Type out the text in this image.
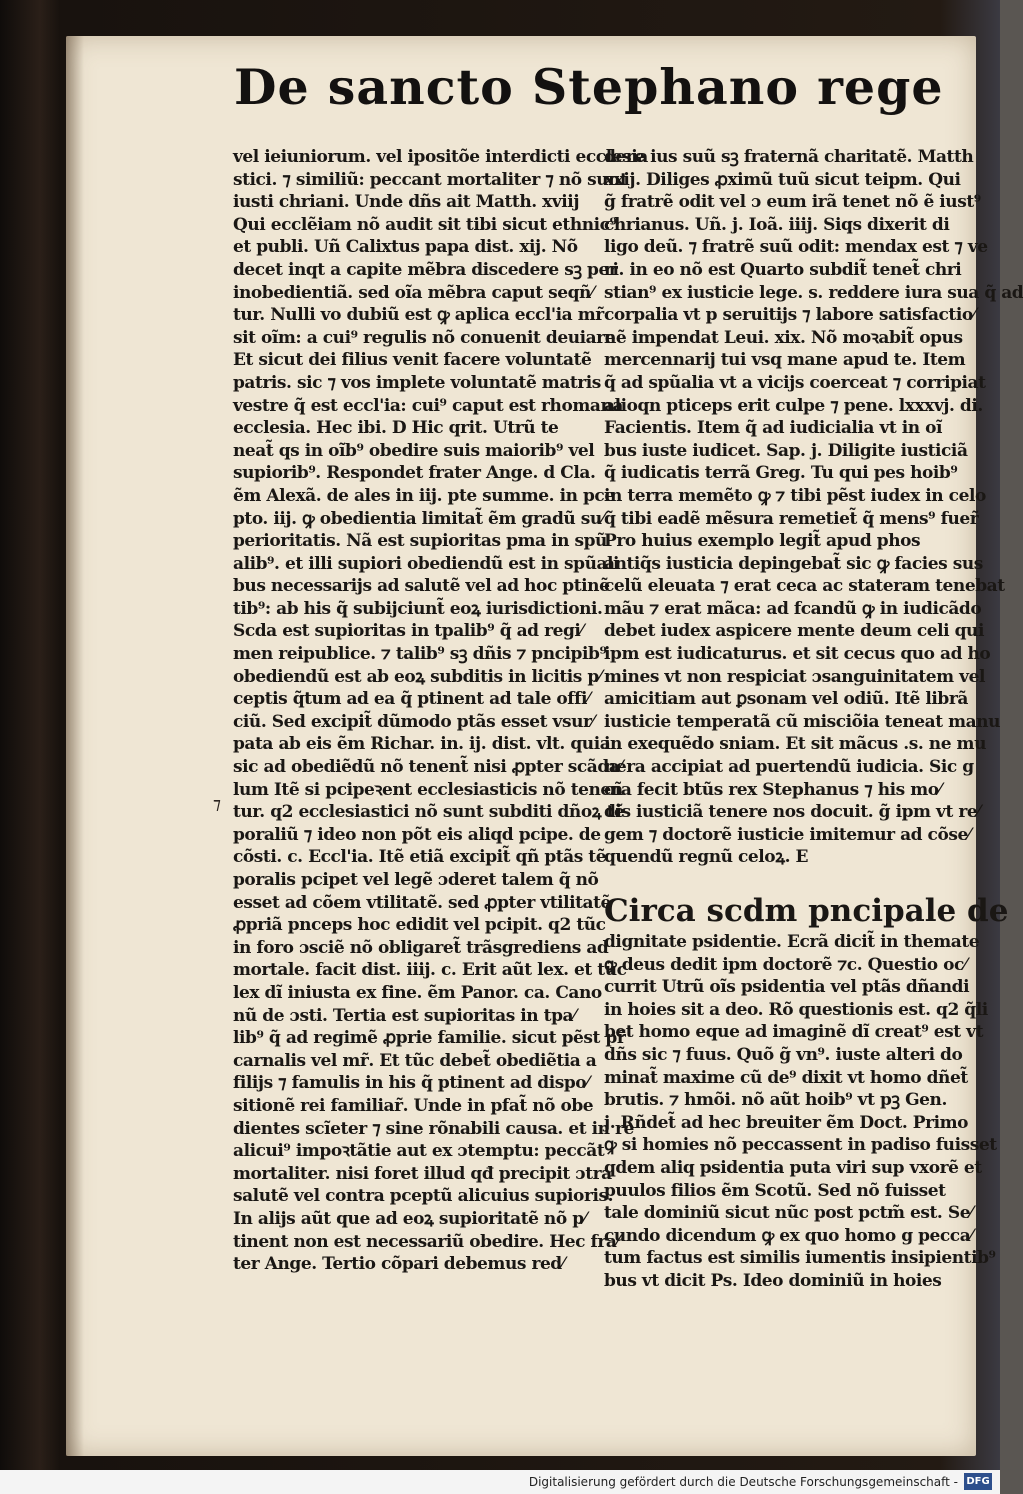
De sancto Stephano rege
⁊
vel ieiuniorum. vel ipositõe interdicti ecclesia
stici. ⁊ similiũ: peccant mortaliter ⁊ nõ sunt
iusti chriani. Unde dñs ait Matth. xviij
Qui ecclẽiam nõ audit sit tibi sicut ethnic⁹
et publi. Uñ Calixtus papa dist. xij. Nõ
decet inqt a capite mẽbra discedere sꝫ per
inobedientiã. sed oĩa mẽbra caput seqñ⁄
tur. Nulli vo dubiũ est ꝙ aplica eccl'ia mr̃
sit oĩm: a cui⁹ regulis nõ conuenit deuiare
Et sicut dei filius venit facere voluntatẽ
patris. sic ⁊ vos implete voluntatẽ matris
vestre q̃ est eccl'ia: cui⁹ caput est rhomana
ecclesia. Hec ibi. D Hic qrit. Utrũ te
neat̃ qs in oĩb⁹ obedire suis maiorib⁹ vel
supiorib⁹. Respondet frater Ange. d Cla.
ẽm Alexã. de ales in iij. pte summe. in pce
pto. iij. ꝙ obedientia limitat̃ ẽm gradũ su⁄
perioritatis. Nã est supioritas pma in spũ
alib⁹. et illi supiori obediendũ est in spũali
bus necessarijs ad salutẽ vel ad hoc ptinẽ
tib⁹: ab his q̃ subijciunt̃ eoꝝ iurisdictioni.
Scda est supioritas in tpalib⁹ q̃ ad regi⁄
men reipublice. ⁊ talib⁹ sꝫ dñis ⁊ pncipib⁹
obediendũ est ab eoꝝ subditis in licitis p⁄
ceptis q̃tum ad ea q̃ ptinent ad tale offi⁄
ciũ. Sed excipit̃ dũmodo ptãs esset vsur⁄
pata ab eis ẽm Richar. in. ij. dist. vlt. quia
sic ad obediẽdũ nõ tenent̃ nisi ꝓpter scãda⁄
lum Itẽ si pcipeꝛent ecclesiasticis nõ tenen
tur. q2 ecclesiastici nõ sunt subditi dñoꝝ tẽ
poraliũ ⁊ ideo non põt eis aliqd pcipe. de
cõsti. c. Eccl'ia. Itẽ etiã excipit̃ qñ ptãs tẽ
poralis pcipet vel legẽ ɔderet talem q̃ nõ
esset ad cõem vtilitatẽ. sed ꝓpter vtilitatẽ
ꝓpriã pnceps hoc edidit vel pcipit. q2 tũc
in foro ɔsciẽ nõ obligaret̃ trãsgrediens ad
mortale. facit dist. iiij. c. Erit aũt lex. et tũc
lex dĩ iniusta ex fine. ẽm Panor. ca. Cano
nũ de ɔsti. Tertia est supioritas in tpa⁄
lib⁹ q̃ ad regimẽ ꝓprie familie. sicut pẽst pr̃
carnalis vel mr̃. Et tũc debet̃ obediẽtia a
filijs ⁊ famulis in his q̃ ptinent ad dispo⁄
sitionẽ rei familiar̃. Unde in pfat̃ nõ obe
dientes scĩeter ⁊ sine rõnabili causa. et in re
alicui⁹ impoꝛtãtie aut ex ɔtemptu: peccãt
mortaliter. nisi foret illud qđ precipit ɔtra
salutẽ vel contra pceptũ alicuius supioris.
In alijs aũt que ad eoꝝ supioritatẽ nõ p⁄
tinent non est necessariũ obedire. Hec fra⁄
ter Ange. Tertio cõpari debemus red⁄
dere ius suũ sꝫ fraternã charitatẽ. Matth
xxij. Diliges ꝓximũ tuũ sicut teipm. Qui
g̃ fratrẽ odit vel ɔ eum irã tenet nõ ẽ iust⁹
chrianus. Uñ. j. Ioã. iiij. Siqs dixerit di
ligo deũ. ⁊ fratrẽ suũ odit: mendax est ⁊ ve
ri. in eo nõ est Quarto subdit̃ tenet̃ chri
stian⁹ ex iusticie lege. s. reddere iura sua q̃ ad
corpalia vt p seruitijs ⁊ labore satisfactio⁄
nẽ impendat Leui. xix. Nõ moꝛabit̃ opus
mercennarij tui vsq mane apud te. Item
q̃ ad spũalia vt a vicijs coerceat ⁊ corripiat
alioqn pticeps erit culpe ⁊ pene. lxxxvj. di.
Facientis. Item q̃ ad iudicialia vt in oĩ
bus iuste iudicet. Sap. j. Diligite iusticiã
q̃ iudicatis terrã Greg. Tu qui pes hoib⁹
in terra memẽto ꝙ ⁊ tibi pẽst iudex in celo
q̃ tibi eadẽ mẽsura remetiet̃ q̃ mens⁹ fuer̃
Pro huius exemplo legit̃ apud phos
antiq̃s iusticia depingebat̃ sic ꝙ facies sus
celũ eleuata ⁊ erat ceca ac stateram tenebat
mãu ⁊ erat mãca: ad fcandũ ꝙ in iudicãdo
debet iudex aspicere mente deum celi qui
ipm est iudicaturus. et sit cecus quo ad ho
mines vt non respiciat ɔsanguinitatem vel
amicitiam aut ꝑsonam vel odiũ. Itẽ librã
iusticie temperatã cũ misciõia teneat manu
in exequẽdo sniam. Et sit mãcus .s. ne mu
nera accipiat ad puertendũ iudicia. Sic g
oĩa fecit btũs rex Stephanus ⁊ his mo⁄
dis iusticiã tenere nos docuit. g̃ ipm vt re⁄
gem ⁊ doctorẽ iusticie imitemur ad cõse⁄
quendũ regnũ celoꝝ. E
Circa scdm pncipale de
dignitate psidentie. Ecrã dicit̃ in themate
ꝙ deus dedit ipm doctorẽ ⁊c. Questio oc⁄
currit Utrũ oĩs psidentia vel ptãs dñandi
in hoies sit a deo. Rõ questionis est. q2 q̃li
bet homo eque ad imaginẽ dĩ creat⁹ est vt
dñs sic ⁊ fuus. Quõ g̃ vn⁹. iuste alteri do
minat̃ maxime cũ de⁹ dixit vt homo dñet̃
brutis. ⁊ hmõi. nõ aũt hoib⁹ vt pꝫ Gen.
j. Rñdet̃ ad hec breuiter ẽm Doct. Primo
ꝙ si homies nõ peccassent in padiso fuisset
qdem aliq psidentia puta viri sup vxorẽ et
puulos filios ẽm Scotũ. Sed nõ fuisset
tale dominiũ sicut nũc post pctm̃ est. Se⁄
cundo dicendum ꝙ ex quo homo g pecca⁄
tum factus est similis iumentis insipientib⁹
bus vt dicit Ps. Ideo dominiũ in hoies
Digitalisierung gefördert durch die Deutsche Forschungsgemeinschaft - DFG
